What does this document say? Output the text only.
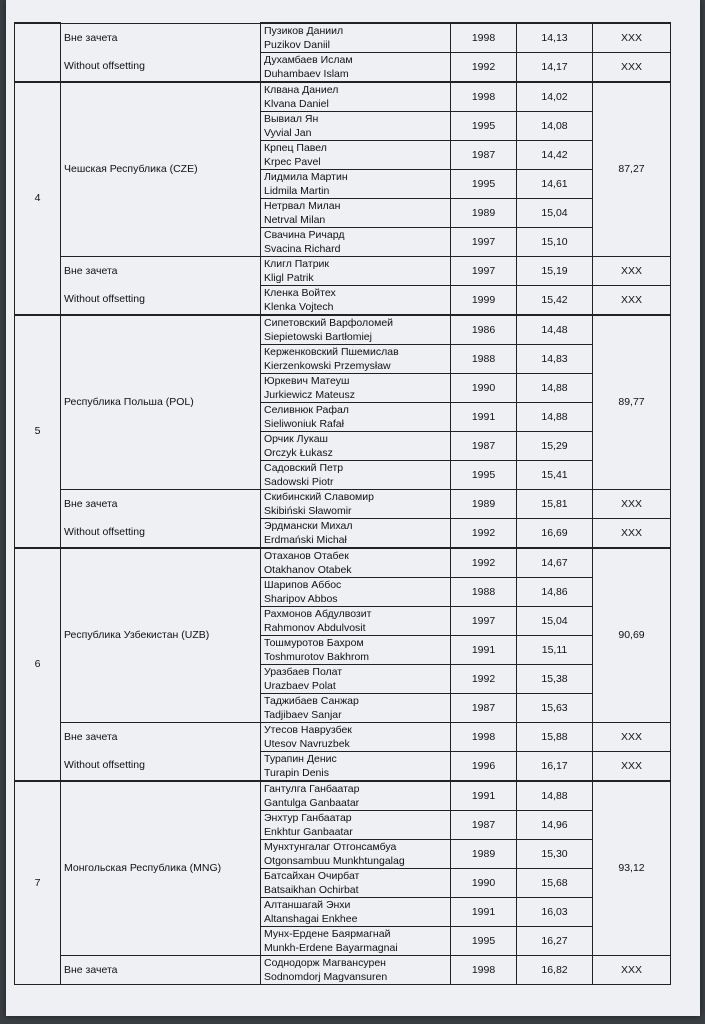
	Вне зачета	Пузиков Даниил
Puzikov Daniil	1998	14,13	XXX
	Without offsetting	Духамбаев Ислам
Duhambaev Islam	1992	14,17	XXX
4	Чешская Республика (CZE)	Клвана Даниел
Klvana Daniel	1998	14,02	87,27

		Вывиал Ян
Vyvial Jan	1995	14,08	

		Крпец Павел
Krpec Pavel	1987	14,42	

		Лидмила Мартин
Lidmila Martin	1995	14,61	

		Нетрвал Милан
Netrval Milan	1989	15,04	

		Свачина Ричард
Svacina Richard	1997	15,10	
	Вне зачета	Клигл Патрик
Kligl Patrik	1997	15,19	XXX
	Without offsetting	Кленка Войтех
Klenka Vojtech	1999	15,42	XXX
5	Республика Польша (POL)	Сипетовский Варфоломей
Siepietowski Bartłomiej	1986	14,48	89,77

		Керженковский Пшемислав
Kierzenkowski Przemysław	1988	14,83	

		Юркевич Матеуш
Jurkiewicz Mateusz	1990	14,88	

		Селивнюк Рафал
Sieliwoniuk Rafał	1991	14,88	

		Орчик Лукаш
Orczyk Łukasz	1987	15,29	

		Садовский Петр
Sadowski Piotr	1995	15,41	
	Вне зачета	Скибинский Славомир
Skibiński Sławomir	1989	15,81	XXX
	Without offsetting	Эрдмански Михал
Erdmański Michał	1992	16,69	XXX
6	Республика Узбекистан (UZB)	Отаханов Отабек
Otakhanov Otabek	1992	14,67	90,69

		Шарипов Аббос
Sharipov Abbos	1988	14,86	

		Рахмонов Абдулвозит
Rahmonov Abdulvosit	1997	15,04	

		Тошмуротов Бахром
Toshmurotov Bakhrom	1991	15,11	

		Уразбаев Полат
Urazbaev Polat	1992	15,38	

		Таджибаев Санжар
Tadjibaev Sanjar	1987	15,63	
	Вне зачета	Утесов Наврузбек
Utesov Navruzbek	1998	15,88	XXX
	Without offsetting	Турапин Денис
Turapin Denis	1996	16,17	XXX
7	Монгольская Республика (MNG)	Гантулга Ганбаатар
Gantulga Ganbaatar	1991	14,88	93,12

		Энхтур Ганбаатар
Enkhtur Ganbaatar	1987	14,96	

		Мунхтунгалаг Отгонсамбуа
Otgonsambuu Munkhtungalag	1989	15,30	

		Батсайхан Очирбат
Batsaikhan Ochirbat	1990	15,68	

		Алтаншагай Энхи
Altanshagai Enkhee	1991	16,03	

		Мунх-Ердене Баярмагнай
Munkh-Erdene Bayarmagnai	1995	16,27	
	Вне зачета	Соднодорж Магвансурен
Sodnomdorj Magvansuren	1998	16,82	XXX
